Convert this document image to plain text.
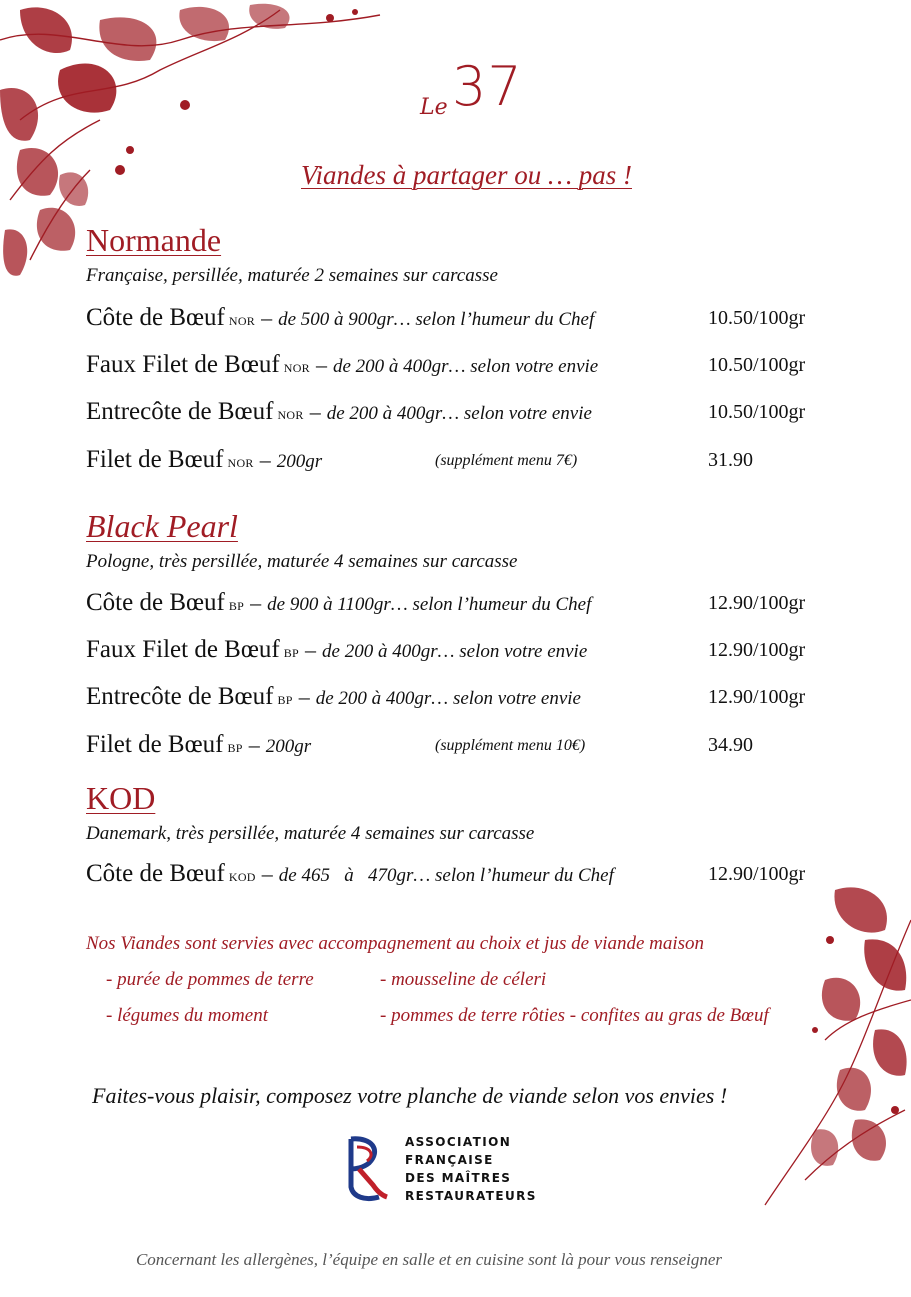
Le 37
Viandes à partager ou … pas !
Normande
Française, persillée, maturée 2 semaines sur carcasse
Côte de Bœuf NOR – de 500 à 900gr… selon l’humeur du Chef	10.50/100gr
Faux Filet de Bœuf NOR – de 200 à 400gr… selon votre envie	10.50/100gr
Entrecôte de Bœuf NOR – de 200 à 400gr… selon votre envie	10.50/100gr
Filet de Bœuf NOR – 200gr	(supplément menu 7€)	31.90
Black Pearl
Pologne, très persillée, maturée 4 semaines sur carcasse
Côte de Bœuf BP – de 900 à 1100gr… selon l’humeur du Chef	12.90/100gr
Faux Filet de Bœuf BP – de 200 à 400gr… selon votre envie	12.90/100gr
Entrecôte de Bœuf BP – de 200 à 400gr… selon votre envie	12.90/100gr
Filet de Bœuf BP – 200gr	(supplément menu 10€)	34.90
KOD
Danemark, très persillée, maturée 4 semaines sur carcasse
Côte de Bœuf KOD – de 465   à   470gr… selon l’humeur du Chef	12.90/100gr
Nos Viandes sont servies avec accompagnement au choix et jus de viande maison
- purée de pommes de terre	- mousseline de céleri
- légumes du moment	- pommes de terre rôties - confites au gras de Bœuf
Faites-vous plaisir, composez votre planche de viande selon vos envies !
ASSOCIATION
FRANÇAISE
DES MAÎTRES
RESTAURATEURS
Concernant les allergènes, l’équipe en salle et en cuisine sont là pour vous renseigner
